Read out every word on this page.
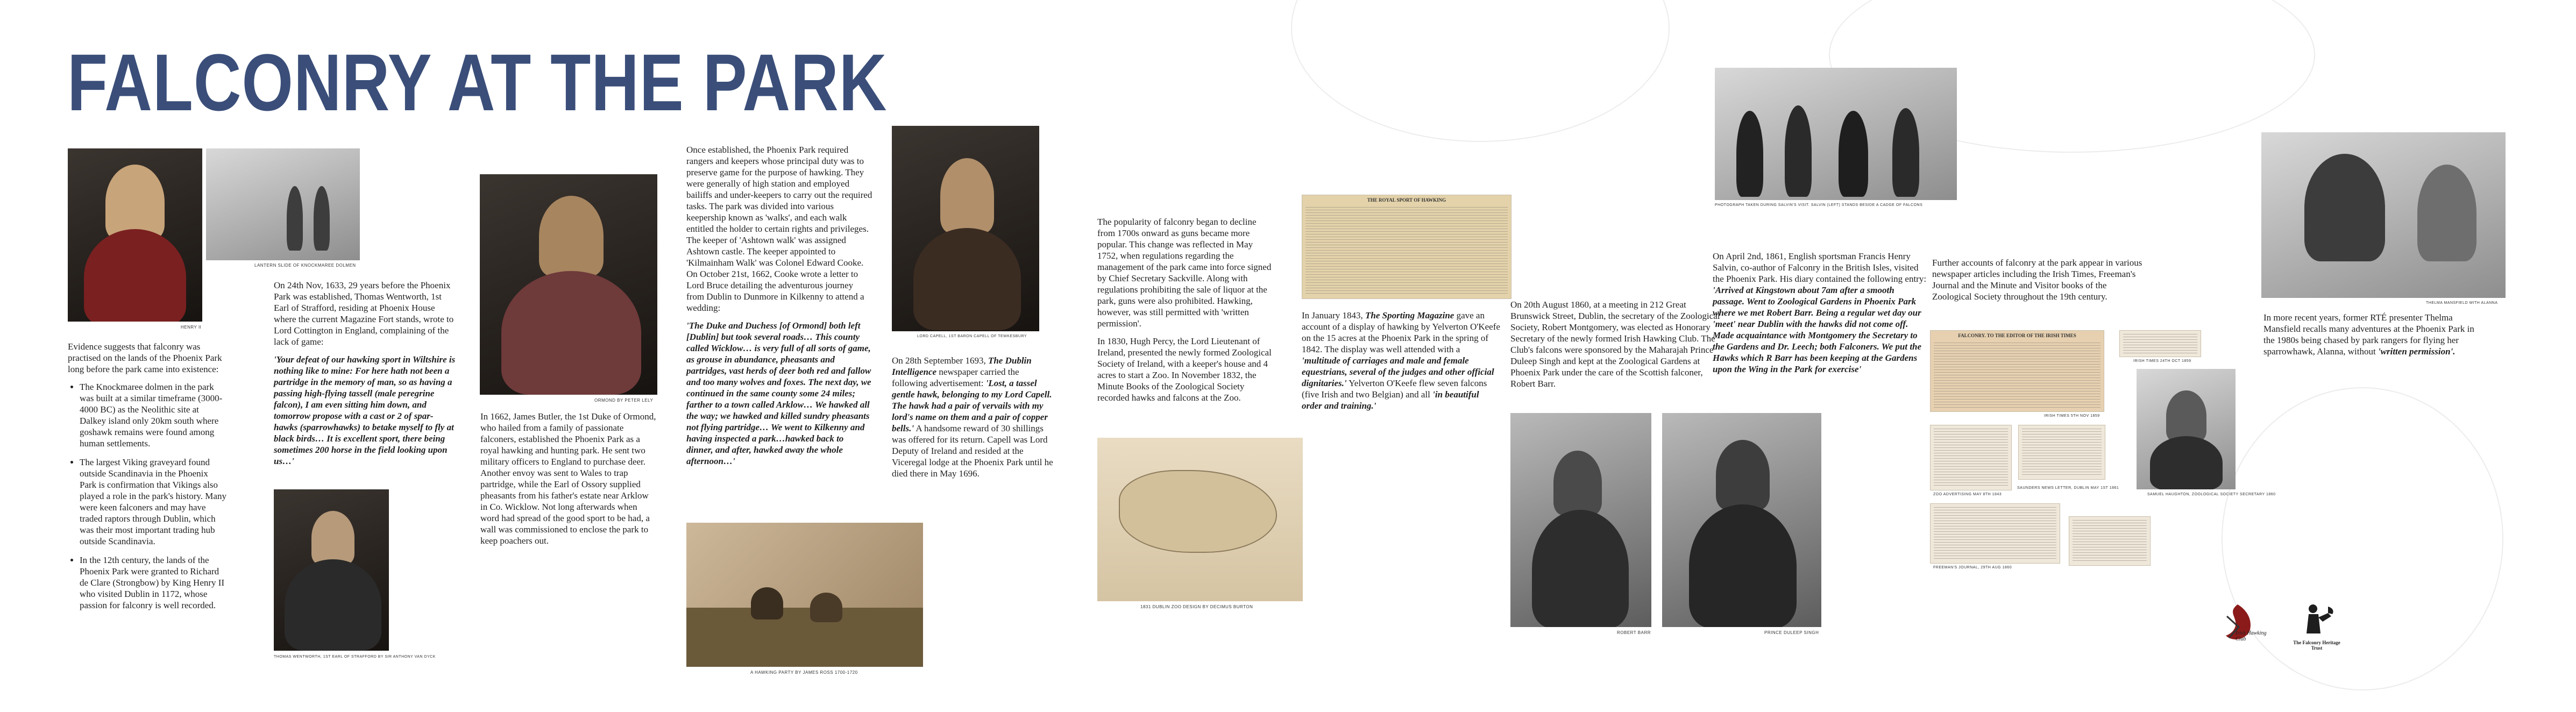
FALCONRY AT THE PARK
HENRY II
LANTERN SLIDE OF KNOCKMAREE DOLMEN

Evidence suggests that falconry was practised on the lands of the Phoenix Park long before the park came into existence:

• The Knockmaree dolmen in the park was built at a similar timeframe (3000-4000 BC) as the Neolithic site at Dalkey island only 20km south where goshawk remains were found among human settlements.
• The largest Viking graveyard found outside Scandinavia in the Phoenix Park is confirmation that Vikings also played a role in the park's history. Many were keen falconers and may have traded raptors through Dublin, which was their most important trading hub outside Scandinavia.
• In the 12th century, the lands of the Phoenix Park were granted to Richard de Clare (Strongbow) by King Henry II who visited Dublin in 1172, whose passion for falconry is well recorded.

On 24th Nov, 1633, 29 years before the Phoenix Park was established, Thomas Wentworth, 1st Earl of Strafford, residing at Phoenix House where the current Magazine Fort stands, wrote to Lord Cottington in England, complaining of the lack of game:

'Your defeat of our hawking sport in Wiltshire is nothing like to mine: For here hath not been a partridge in the memory of man, so as having a passing high-flying tassell (male peregrine falcon), I am even sitting him down, and tomorrow propose with a cast or 2 of spar-hawks (sparrowhawks) to betake myself to fly at black birds… It is excellent sport, there being sometimes 200 horse in the field looking upon us…'

THOMAS WENTWORTH, 1ST EARL OF STRAFFORD BY SIR ANTHONY VAN DYCK
ORMOND BY PETER LELY

In 1662, James Butler, the 1st Duke of Ormond, who hailed from a family of passionate falconers, established the Phoenix Park as a royal hawking and hunting park. He sent two military officers to England to purchase deer. Another envoy was sent to Wales to trap partridge, while the Earl of Ossory supplied pheasants from his father's estate near Arklow in Co. Wicklow. Not long afterwards when word had spread of the good sport to be had, a wall was commissioned to enclose the park to keep poachers out.

Once established, the Phoenix Park required rangers and keepers whose principal duty was to preserve game for the purpose of hawking. They were generally of high station and employed bailiffs and under-keepers to carry out the required tasks. The park was divided into various keepership known as 'walks', and each walk entitled the holder to certain rights and privileges. The keeper of 'Ashtown walk' was assigned Ashtown castle. The keeper appointed to 'Kilmainham Walk' was Colonel Edward Cooke. On October 21st, 1662, Cooke wrote a letter to Lord Bruce detailing the adventurous journey from Dublin to Dunmore in Kilkenny to attend a wedding:

'The Duke and Duchess [of Ormond] both left [Dublin] but took several roads… This county called Wicklow… is very full of all sorts of game, as grouse in abundance, pheasants and partridges, vast herds of deer both red and fallow and too many wolves and foxes. The next day, we continued in the same county some 24 miles; farther to a town called Arklow… We hawked all the way; we hawked and killed sundry pheasants not flying partridge… We went to Kilkenny and having inspected a park…hawked back to dinner, and after, hawked away the whole afternoon…'

A HAWKING PARTY BY JAMES ROSS 1700-1720
LORD CAPELL, 1ST BARON CAPELL OF TEWKESBURY

On 28th September 1693, The Dublin Intelligence newspaper carried the following advertisement: 'Lost, a tassel gentle hawk, belonging to my Lord Capell. The hawk had a pair of vervails with my lord's name on them and a pair of copper bells.' A handsome reward of 30 shillings was offered for its return. Capell was Lord Deputy of Ireland and resided at the Viceregal lodge at the Phoenix Park until he died there in May 1696.

The popularity of falconry began to decline from 1700s onward as guns became more popular. This change was reflected in May 1752, when regulations regarding the management of the park came into force signed by Chief Secretary Sackville. Along with regulations prohibiting the sale of liquor at the park, guns were also prohibited. Hawking, however, was still permitted with 'written permission'.

In 1830, Hugh Percy, the Lord Lieutenant of Ireland, presented the newly formed Zoological Society of Ireland, with a keeper's house and 4 acres to start a Zoo. In November 1832, the Minute Books of the Zoological Society recorded hawks and falcons at the Zoo.

1831 DUBLIN ZOO DESIGN BY DECIMUS BURTON
THE ROYAL SPORT OF HAWKING

In January 1843, The Sporting Magazine gave an account of a display of hawking by Yelverton O'Keefe on the 15 acres at the Phoenix Park in the spring of 1842. The display was well attended with a 'multitude of carriages and male and female equestrians, several of the judges and other official dignitaries.' Yelverton O'Keefe flew seven falcons (five Irish and two Belgian) and all 'in beautiful order and training.'

On 20th August 1860, at a meeting in 212 Great Brunswick Street, Dublin, the secretary of the Zoological Society, Robert Montgomery, was elected as Honorary Secretary of the newly formed Irish Hawking Club. The Club's falcons were sponsored by the Maharajah Prince Duleep Singh and kept at the Zoological Gardens at Phoenix Park under the care of the Scottish falconer, Robert Barr.

ROBERT BARR	PRINCE DULEEP SINGH
PHOTOGRAPH TAKEN DURING SALVIN'S VISIT. SALVIN (LEFT) STANDS BESIDE A CADGE OF FALCONS

On April 2nd, 1861, English sportsman Francis Henry Salvin, co-author of Falconry in the British Isles, visited the Phoenix Park. His diary contained the following entry: 'Arrived at Kingstown about 7am after a smooth passage. Went to Zoological Gardens in Phoenix Park where we met Robert Barr. Being a regular wet day our 'meet' near Dublin with the hawks did not come off. Made acquaintance with Montgomery the Secretary to the Gardens and Dr. Leech; both Falconers. We put the Hawks which R Barr has been keeping at the Gardens upon the Wing in the Park for exercise'

Further accounts of falconry at the park appear in various newspaper articles including the Irish Times, Freeman's Journal and the Minute and Visitor books of the Zoological Society throughout the 19th century.

FALCONRY. TO THE EDITOR OF THE IRISH TIMES
IRISH TIMES 24TH OCT 1859
IRISH TIMES 5TH NOV 1859
SAMUEL HAUGHTON, ZOOLOGICAL SOCIETY SECRETARY 1860
ZOO ADVERTISING MAY 8TH 1843
SAUNDERS NEWS LETTER, DUBLIN MAY 1ST 1861
FREEMAN'S JOURNAL, 29TH AUG 1860
THELMA MANSFIELD WITH ALANNA

In more recent years, former RTÉ presenter Thelma Mansfield recalls many adventures at the Phoenix Park in the 1980s being chased by park rangers for flying her sparrowhawk, Alanna, without 'written permission'.

Irish Hawking Club
The Falconry Heritage Trust
